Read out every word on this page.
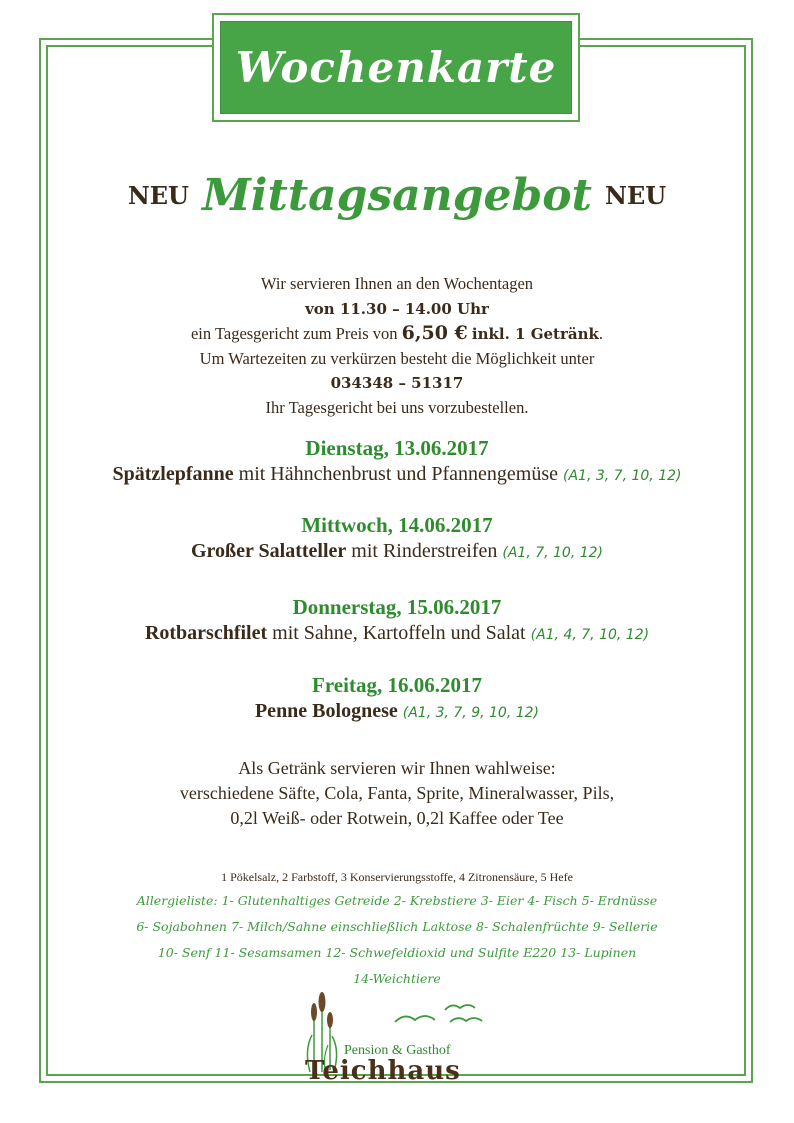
Wochenkarte
NEU Mittagsangebot NEU
Wir servieren Ihnen an den Wochentagen
von 11.30 – 14.00 Uhr
ein Tagesgericht zum Preis von 6,50 € inkl. 1 Getränk.
Um Wartezeiten zu verkürzen besteht die Möglichkeit unter
034348 – 51317
Ihr Tagesgericht bei uns vorzubestellen.
Dienstag, 13.06.2017
Spätzlepfanne mit Hähnchenbrust und Pfannengemüse (A1, 3, 7, 10, 12)
Mittwoch, 14.06.2017
Großer Salatteller mit Rinderstreifen (A1, 7, 10, 12)
Donnerstag, 15.06.2017
Rotbarschfilet mit Sahne, Kartoffeln und Salat (A1, 4, 7, 10, 12)
Freitag, 16.06.2017
Penne Bolognese (A1, 3, 7, 9, 10, 12)
Als Getränk servieren wir Ihnen wahlweise:
verschiedene Säfte, Cola, Fanta, Sprite, Mineralwasser, Pils,
0,2l Weiß- oder Rotwein, 0,2l Kaffee oder Tee
1 Pökelsalz, 2 Farbstoff, 3 Konservierungsstoffe, 4 Zitronensäure, 5 Hefe
Allergieliste: 1- Glutenhaltiges Getreide 2- Krebstiere 3- Eier 4- Fisch 5- Erdnüsse
6- Sojabohnen 7- Milch/Sahne einschließlich Laktose 8- Schalenfrüchte 9- Sellerie
10- Senf 11- Sesamsamen 12- Schwefeldioxid und Sulfite E220 13- Lupinen
14-Weichtiere
Pension & Gasthof
Teichhaus
